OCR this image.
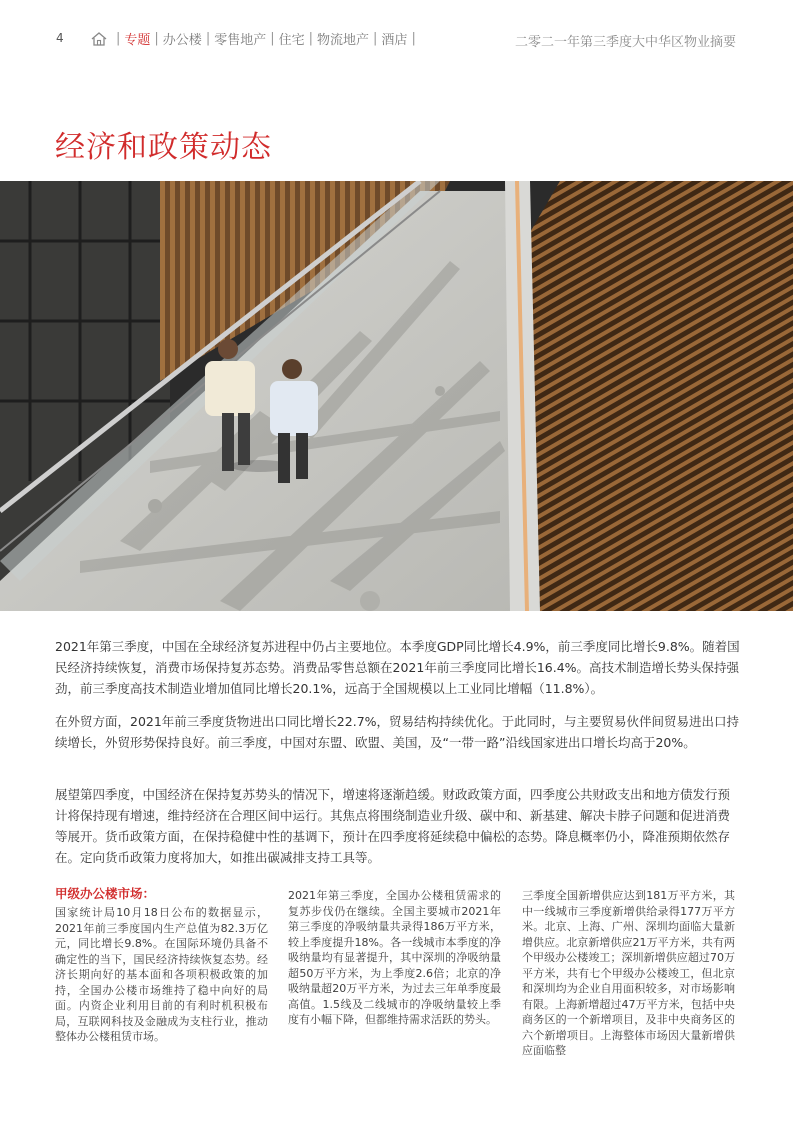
4	| 专题 | 办公楼 | 零售地产 | 住宅 | 物流地产 | 酒店 |	二零二一年第三季度大中华区物业摘要
经济和政策动态

2021年第三季度，中国在全球经济复苏进程中仍占主要地位。本季度GDP同比增长4.9%，前三季度同比增长9.8%。随着国民经济持续恢复，消费市场保持复苏态势。消费品零售总额在2021年前三季度同比增长16.4%。高技术制造增长势头保持强劲，前三季度高技术制造业增加值同比增长20.1%，远高于全国规模以上工业同比增幅（11.8%）。

在外贸方面，2021年前三季度货物进出口同比增长22.7%，贸易结构持续优化。于此同时，与主要贸易伙伴间贸易进出口持续增长，外贸形势保持良好。前三季度，中国对东盟、欧盟、美国，及“一带一路”沿线国家进出口增长均高于20%。

展望第四季度，中国经济在保持复苏势头的情况下，增速将逐渐趋缓。财政政策方面，四季度公共财政支出和地方债发行预计将保持现有增速，维持经济在合理区间中运行。其焦点将围绕制造业升级、碳中和、新基建、解决卡脖子问题和促进消费等展开。货币政策方面，在保持稳健中性的基调下，预计在四季度将延续稳中偏松的态势。降息概率仍小，降准预期依然存在。定向货币政策力度将加大，如推出碳减排支持工具等。

甲级办公楼市场：
国家统计局10月18日公布的数据显示，2021年前三季度国内生产总值为82.3万亿元，同比增长9.8%。在国际环境仍具备不确定性的当下，国民经济持续恢复态势。经济长期向好的基本面和各项积极政策的加持，全国办公楼市场维持了稳中向好的局面。内资企业利用目前的有利时机积极布局，互联网科技及金融成为支柱行业，推动整体办公楼租赁市场。
2021年第三季度，全国办公楼租赁需求的复苏步伐仍在继续。全国主要城市2021年第三季度的净吸纳量共录得186万平方米，较上季度提升18%。各一线城市本季度的净吸纳量均有显著提升，其中深圳的净吸纳量超50万平方米，为上季度2.6倍；北京的净吸纳量超20万平方米，为过去三年单季度最高值。1.5线及二线城市的净吸纳量较上季度有小幅下降，但都维持需求活跃的势头。
三季度全国新增供应达到181万平方米，其中一线城市三季度新增供给录得177万平方米。北京、上海、广州、深圳均面临大量新增供应。北京新增供应21万平方米，共有两个甲级办公楼竣工；深圳新增供应超过70万平方米，共有七个甲级办公楼竣工，但北京和深圳均为企业自用面积较多，对市场影响有限。上海新增超过47万平方米，包括中央商务区的一个新增项目，及非中央商务区的六个新增项目。上海整体市场因大量新增供应面临整
